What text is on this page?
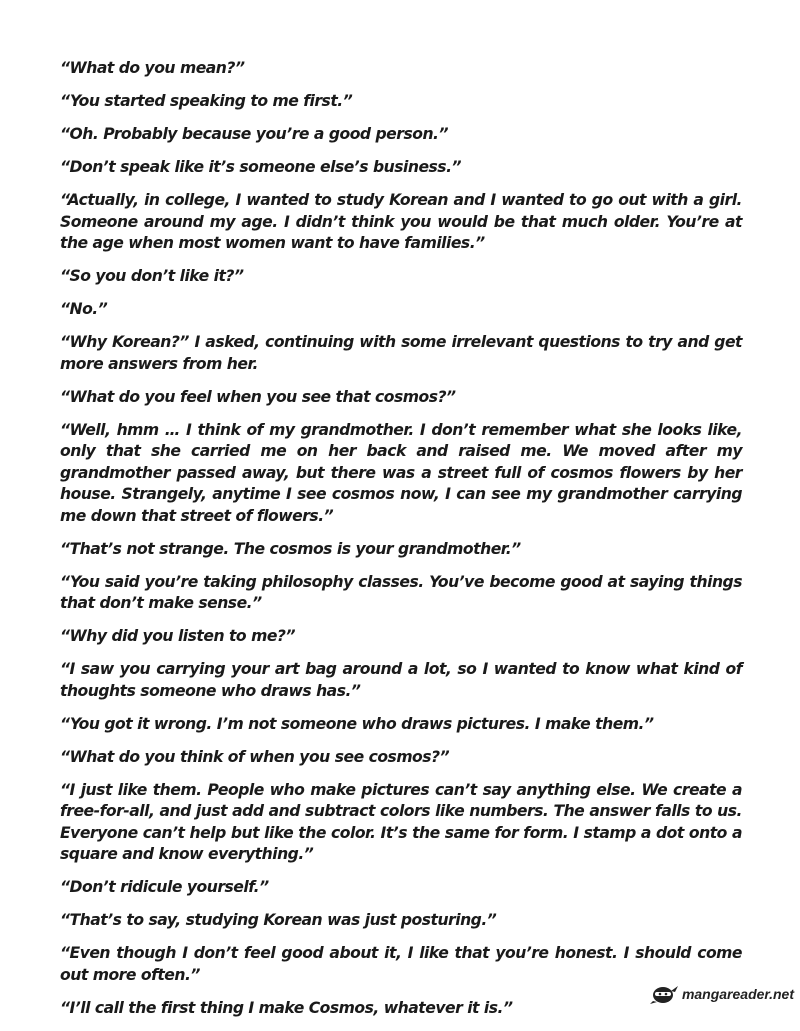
“What do you mean?”

“You started speaking to me first.”

“Oh. Probably because you’re a good person.”

“Don’t speak like it’s someone else’s business.”

“Actually, in college, I wanted to study Korean and I wanted to go out with a girl. Someone around my age. I didn’t think you would be that much older. You’re at the age when most women want to have families.”

“So you don’t like it?”

“No.”

“Why Korean?” I asked, continuing with some irrelevant questions to try and get more answers from her.

“What do you feel when you see that cosmos?”

“Well, hmm … I think of my grandmother. I don’t remember what she looks like, only that she carried me on her back and raised me. We moved after my grandmother passed away, but there was a street full of cosmos flowers by her house. Strangely, anytime I see cosmos now, I can see my grandmother carrying me down that street of flowers.”

“That’s not strange. The cosmos is your grandmother.”

“You said you’re taking philosophy classes. You’ve become good at saying things that don’t make sense.”

“Why did you listen to me?”

“I saw you carrying your art bag around a lot, so I wanted to know what kind of thoughts someone who draws has.”

“You got it wrong. I’m not someone who draws pictures. I make them.”

“What do you think of when you see cosmos?”

“I just like them. People who make pictures can’t say anything else. We create a free-for-all, and just add and subtract colors like numbers. The answer falls to us. Everyone can’t help but like the color. It’s the same for form. I stamp a dot onto a square and know everything.”

“Don’t ridicule yourself.”

“That’s to say, studying Korean was just posturing.”

“Even though I don’t feel good about it, I like that you’re honest. I should come out more often.”

“I’ll call the first thing I make Cosmos, whatever it is.”

mangareader.net
